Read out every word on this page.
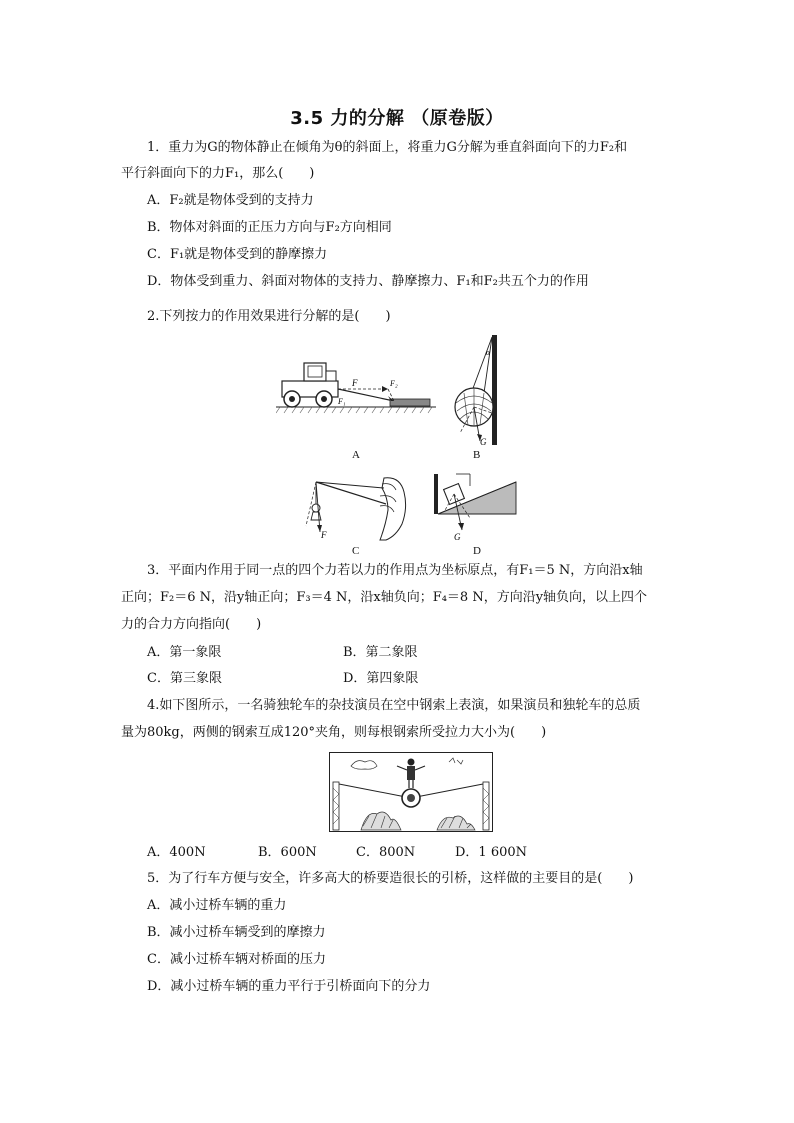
3.5 力的分解 （原卷版）
1．重力为G的物体静止在倾角为θ的斜面上，将重力G分解为垂直斜面向下的力F₂和
平行斜面向下的力F₁，那么(　　)
A．F₂就是物体受到的支持力
B．物体对斜面的正压力方向与F₂方向相同
C．F₁就是物体受到的静摩擦力
D．物体受到重力、斜面对物体的支持力、静摩擦力、F₁和F₂共五个力的作用
2.下列按力的作用效果进行分解的是(　　)
F	F₂
F₁
A
α
G
B
F
C
G
D
3．平面内作用于同一点的四个力若以力的作用点为坐标原点，有F₁＝5 N，方向沿x轴
正向；F₂＝6 N，沿y轴正向；F₃＝4 N，沿x轴负向；F₄＝8 N，方向沿y轴负向，以上四个
力的合力方向指向(　　)
A．第一象限	B．第二象限
C．第三象限	D．第四象限
4.如下图所示，一名骑独轮车的杂技演员在空中钢索上表演，如果演员和独轮车的总质
量为80kg，两侧的钢索互成120°夹角，则每根钢索所受拉力大小为(　　)
A．400N	B．600N	C．800N	D．1 600N
5．为了行车方便与安全，许多高大的桥要造很长的引桥，这样做的主要目的是(　　)
A．减小过桥车辆的重力
B．减小过桥车辆受到的摩擦力
C．减小过桥车辆对桥面的压力
D．减小过桥车辆的重力平行于引桥面向下的分力
